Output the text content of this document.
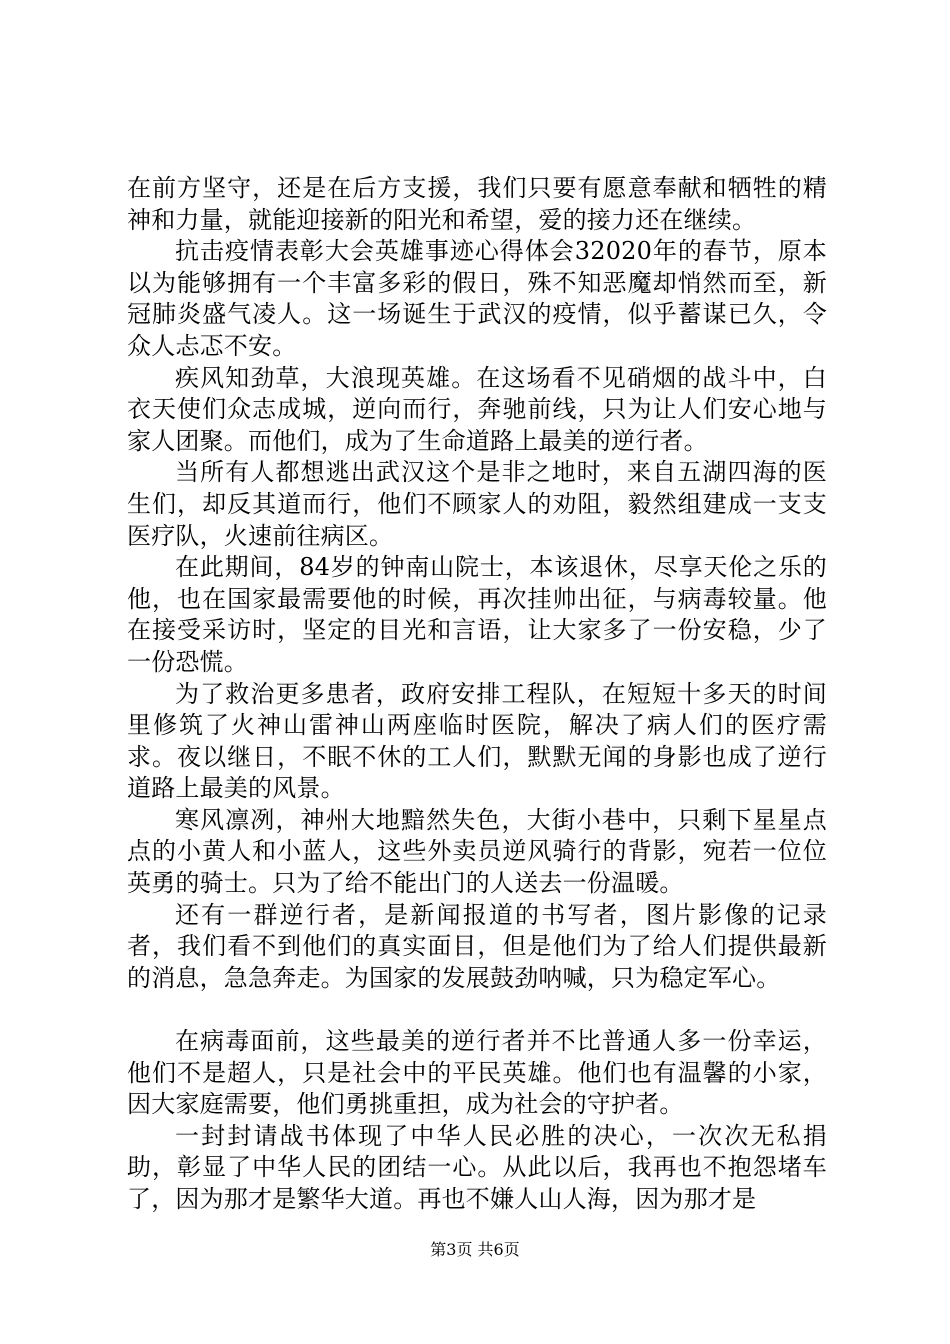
在前方坚守，还是在后方支援，我们只要有愿意奉献和牺牲的精神和力量，就能迎接新的阳光和希望，爱的接力还在继续。

抗击疫情表彰大会英雄事迹心得体会32020年的春节，原本以为能够拥有一个丰富多彩的假日，殊不知恶魔却悄然而至，新冠肺炎盛气凌人。这一场诞生于武汉的疫情，似乎蓄谋已久，令众人忐忑不安。

疾风知劲草，大浪现英雄。在这场看不见硝烟的战斗中，白衣天使们众志成城，逆向而行，奔驰前线，只为让人们安心地与家人团聚。而他们，成为了生命道路上最美的逆行者。

当所有人都想逃出武汉这个是非之地时，来自五湖四海的医生们，却反其道而行，他们不顾家人的劝阻，毅然组建成一支支医疗队，火速前往病区。

在此期间，84岁的钟南山院士，本该退休，尽享天伦之乐的他，也在国家最需要他的时候，再次挂帅出征，与病毒较量。他在接受采访时，坚定的目光和言语，让大家多了一份安稳，少了一份恐慌。

为了救治更多患者，政府安排工程队，在短短十多天的时间里修筑了火神山雷神山两座临时医院，解决了病人们的医疗需求。夜以继日，不眠不休的工人们，默默无闻的身影也成了逆行道路上最美的风景。

寒风凛冽，神州大地黯然失色，大街小巷中，只剩下星星点点的小黄人和小蓝人，这些外卖员逆风骑行的背影，宛若一位位英勇的骑士。只为了给不能出门的人送去一份温暖。

还有一群逆行者，是新闻报道的书写者，图片影像的记录者，我们看不到他们的真实面目，但是他们为了给人们提供最新的消息，急急奔走。为国家的发展鼓劲呐喊，只为稳定军心。

在病毒面前，这些最美的逆行者并不比普通人多一份幸运，他们不是超人，只是社会中的平民英雄。他们也有温馨的小家，因大家庭需要，他们勇挑重担，成为社会的守护者。

一封封请战书体现了中华人民必胜的决心，一次次无私捐助，彰显了中华人民的团结一心。从此以后，我再也不抱怨堵车了，因为那才是繁华大道。再也不嫌人山人海，因为那才是

第3页 共6页
